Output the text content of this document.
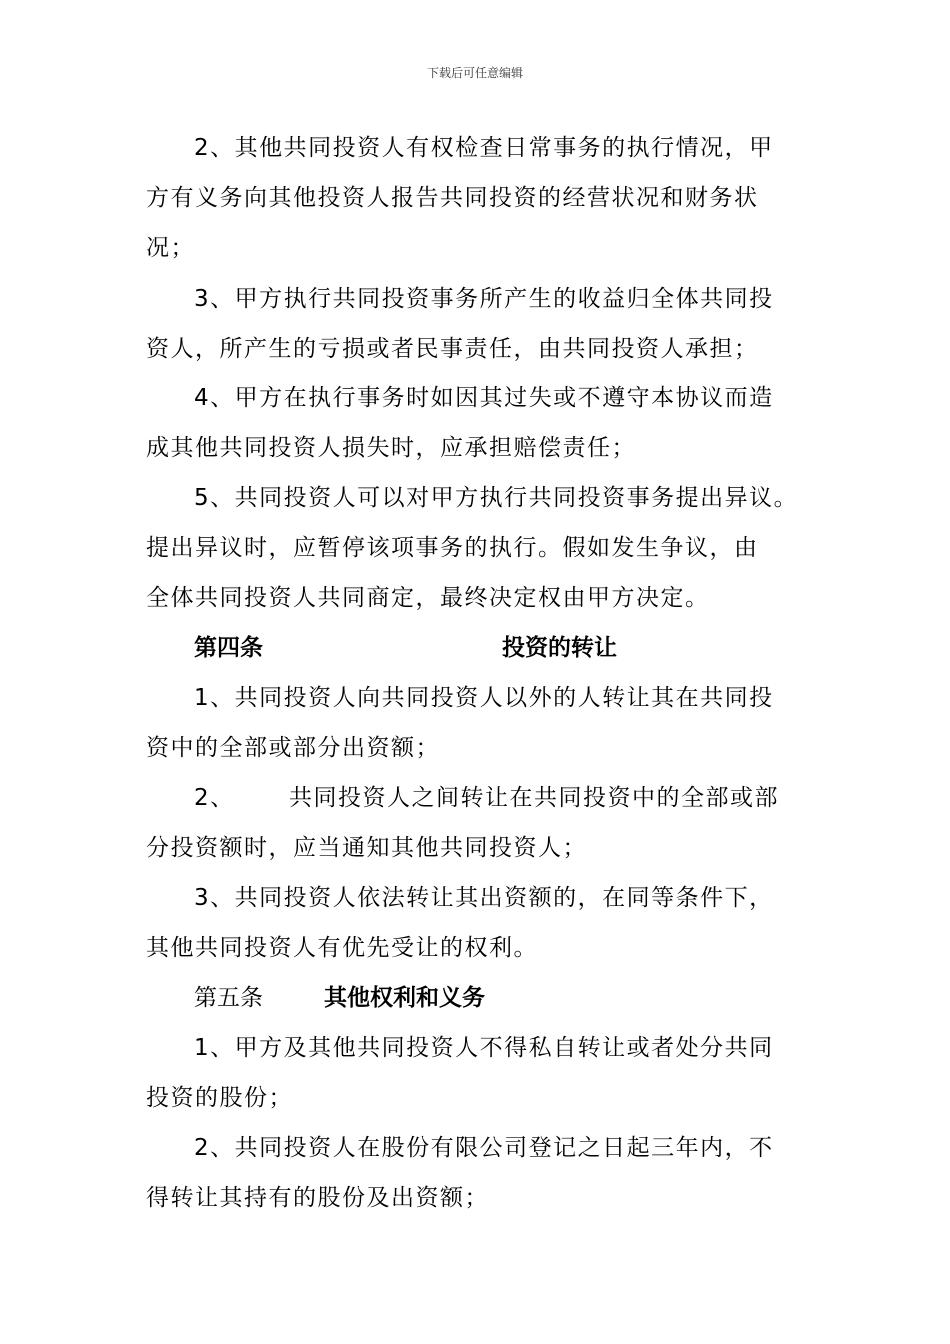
下载后可任意编辑
2、其他共同投资人有权检查日常事务的执行情况，甲
方有义务向其他投资人报告共同投资的经营状况和财务状
况；
3、甲方执行共同投资事务所产生的收益归全体共同投
资人，所产生的亏损或者民事责任，由共同投资人承担；
4、甲方在执行事务时如因其过失或不遵守本协议而造
成其他共同投资人损失时，应承担赔偿责任；
5、共同投资人可以对甲方执行共同投资事务提出异议。
提出异议时，应暂停该项事务的执行。假如发生争议，由
全体共同投资人共同商定，最终决定权由甲方决定。
第四条	投资的转让
1、共同投资人向共同投资人以外的人转让其在共同投
资中的全部或部分出资额；
2、 共同投资人之间转让在共同投资中的全部或部
分投资额时，应当通知其他共同投资人；
3、共同投资人依法转让其出资额的，在同等条件下，
其他共同投资人有优先受让的权利。
第五条	其他权利和义务
1、甲方及其他共同投资人不得私自转让或者处分共同
投资的股份；
2、共同投资人在股份有限公司登记之日起三年内，不
得转让其持有的股份及出资额；
